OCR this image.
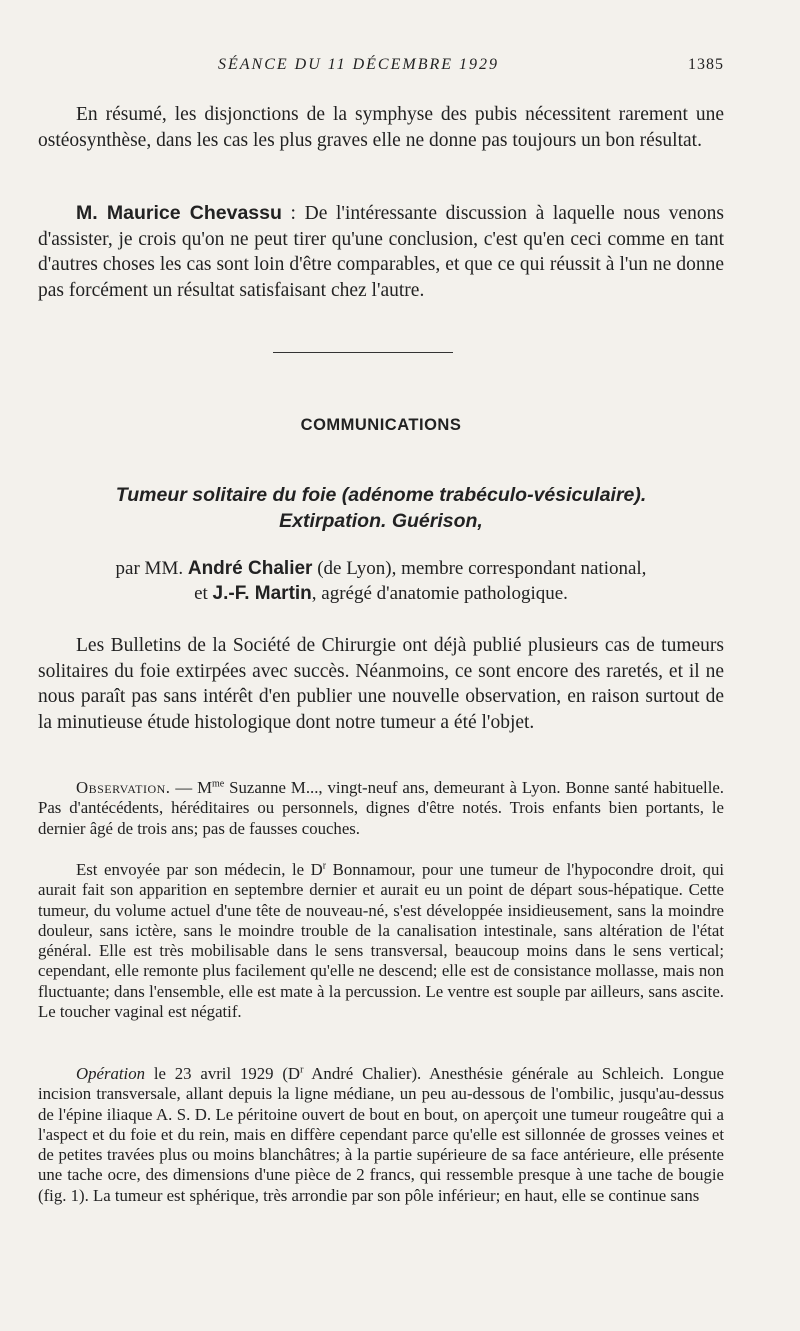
SÉANCE DU 11 DÉCEMBRE 1929	1385

En résumé, les disjonctions de la symphyse des pubis nécessitent rarement une ostéosynthèse, dans les cas les plus graves elle ne donne pas toujours un bon résultat.

M. Maurice Chevassu : De l'intéressante discussion à laquelle nous venons d'assister, je crois qu'on ne peut tirer qu'une conclusion, c'est qu'en ceci comme en tant d'autres choses les cas sont loin d'être comparables, et que ce qui réussit à l'un ne donne pas forcément un résultat satisfaisant chez l'autre.

COMMUNICATIONS
Tumeur solitaire du foie (adénome trabéculo-vésiculaire).
Extirpation. Guérison,
par MM. André Chalier (de Lyon), membre correspondant national,
et J.-F. Martin, agrégé d'anatomie pathologique.

Les Bulletins de la Société de Chirurgie ont déjà publié plusieurs cas de tumeurs solitaires du foie extirpées avec succès. Néanmoins, ce sont encore des raretés, et il ne nous paraît pas sans intérêt d'en publier une nouvelle observation, en raison surtout de la minutieuse étude histologique dont notre tumeur a été l'objet.

Observation. — $M^{me}$ Suzanne M..., vingt-neuf ans, demeurant à Lyon. Bonne santé habituelle. Pas d'antécédents, héréditaires ou personnels, dignes d'être notés. Trois enfants bien portants, le dernier âgé de trois ans; pas de fausses couches.

Est envoyée par son médecin, le $D^r$ Bonnamour, pour une tumeur de l'hypocondre droit, qui aurait fait son apparition en septembre dernier et aurait eu un point de départ sous-hépatique. Cette tumeur, du volume actuel d'une tête de nouveau-né, s'est développée insidieusement, sans la moindre douleur, sans ictère, sans le moindre trouble de la canalisation intestinale, sans altération de l'état général. Elle est très mobilisable dans le sens transversal, beaucoup moins dans le sens vertical; cependant, elle remonte plus facilement qu'elle ne descend; elle est de consistance mollasse, mais non fluctuante; dans l'ensemble, elle est mate à la percussion. Le ventre est souple par ailleurs, sans ascite. Le toucher vaginal est négatif.

Opération le 23 avril 1929 ($D^r$ André Chalier). Anesthésie générale au Schleich. Longue incision transversale, allant depuis la ligne médiane, un peu au-dessous de l'ombilic, jusqu'au-dessus de l'épine iliaque A. S. D. Le péritoine ouvert de bout en bout, on aperçoit une tumeur rougeâtre qui a l'aspect et du foie et du rein, mais en diffère cependant parce qu'elle est sillonnée de grosses veines et de petites travées plus ou moins blanchâtres; à la partie supérieure de sa face antérieure, elle présente une tache ocre, des dimensions d'une pièce de 2 francs, qui ressemble presque à une tache de bougie (fig. 1). La tumeur est sphérique, très arrondie par son pôle inférieur; en haut, elle se continue sans
